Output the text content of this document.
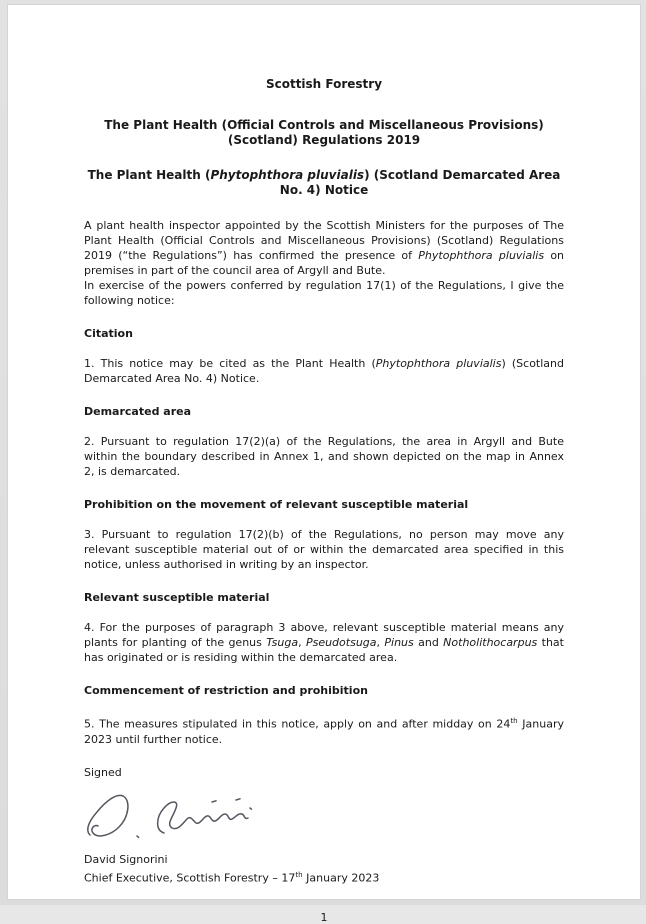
Scottish Forestry
The Plant Health (Official Controls and Miscellaneous Provisions) (Scotland) Regulations 2019
The Plant Health (Phytophthora pluvialis) (Scotland Demarcated Area No. 4) Notice

A plant health inspector appointed by the Scottish Ministers for the purposes of The Plant Health (Official Controls and Miscellaneous Provisions) (Scotland) Regulations 2019 (“the Regulations”) has confirmed the presence of Phytophthora pluvialis on premises in part of the council area of Argyll and Bute.

In exercise of the powers conferred by regulation 17(1) of the Regulations, I give the following notice:

Citation

1. This notice may be cited as the Plant Health (Phytophthora pluvialis) (Scotland Demarcated Area No. 4) Notice.

Demarcated area

2. Pursuant to regulation 17(2)(a) of the Regulations, the area in Argyll and Bute within the boundary described in Annex 1, and shown depicted on the map in Annex 2, is demarcated.

Prohibition on the movement of relevant susceptible material

3. Pursuant to regulation 17(2)(b) of the Regulations, no person may move any relevant susceptible material out of or within the demarcated area specified in this notice, unless authorised in writing by an inspector.

Relevant susceptible material

4. For the purposes of paragraph 3 above, relevant susceptible material means any plants for planting of the genus Tsuga, Pseudotsuga, Pinus and Notholithocarpus that has originated or is residing within the demarcated area.

Commencement of restriction and prohibition

5. The measures stipulated in this notice, apply on and after midday on 24th January 2023 until further notice.

Signed

David Signorini

Chief Executive, Scottish Forestry – 17th January 2023

1
